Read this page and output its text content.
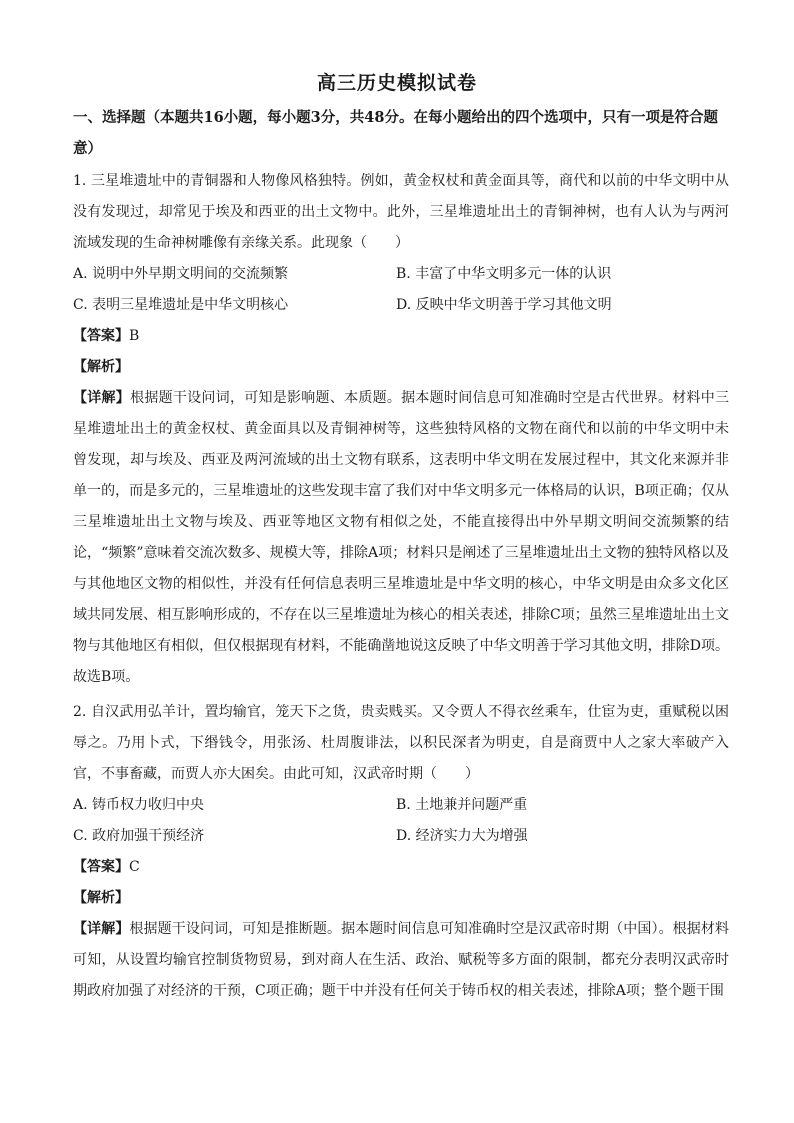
高三历史模拟试卷
一、选择题（本题共16小题，每小题3分，共48分。在每小题给出的四个选项中，只有一项是符合题意）
1. 三星堆遗址中的青铜器和人物像风格独特。例如，黄金权杖和黄金面具等，商代和以前的中华文明中从没有发现过，却常见于埃及和西亚的出土文物中。此外，三星堆遗址出土的青铜神树，也有人认为与两河流域发现的生命神树雕像有亲缘关系。此现象（　　）
A. 说明中外早期文明间的交流频繁	B. 丰富了中华文明多元一体的认识
C. 表明三星堆遗址是中华文明核心	D. 反映中华文明善于学习其他文明
【答案】B
【解析】
【详解】根据题干设问词，可知是影响题、本质题。据本题时间信息可知准确时空是古代世界。材料中三星堆遗址出土的黄金权杖、黄金面具以及青铜神树等，这些独特风格的文物在商代和以前的中华文明中未曾发现，却与埃及、西亚及两河流域的出土文物有联系，这表明中华文明在发展过程中，其文化来源并非单一的，而是多元的，三星堆遗址的这些发现丰富了我们对中华文明多元一体格局的认识，B项正确；仅从三星堆遗址出土文物与埃及、西亚等地区文物有相似之处，不能直接得出中外早期文明间交流频繁的结论，“频繁”意味着交流次数多、规模大等，排除A项；材料只是阐述了三星堆遗址出土文物的独特风格以及与其他地区文物的相似性，并没有任何信息表明三星堆遗址是中华文明的核心，中华文明是由众多文化区域共同发展、相互影响形成的，不存在以三星堆遗址为核心的相关表述，排除C项；虽然三星堆遗址出土文物与其他地区有相似，但仅根据现有材料，不能确凿地说这反映了中华文明善于学习其他文明，排除D项。故选B项。
2. 自汉武用弘羊计，置均输官，笼天下之货，贵卖贱买。又令贾人不得衣丝乘车，仕宦为吏，重赋税以困辱之。乃用卜式，下缗钱令，用张汤、杜周腹诽法，以积民深者为明吏，自是商贾中人之家大率破产入官，不事畜藏，而贾人亦大困矣。由此可知，汉武帝时期（　　）
A. 铸币权力收归中央	B. 土地兼并问题严重
C. 政府加强干预经济	D. 经济实力大为增强
【答案】C
【解析】
【详解】根据题干设问词，可知是推断题。据本题时间信息可知准确时空是汉武帝时期（中国）。根据材料可知，从设置均输官控制货物贸易，到对商人在生活、政治、赋税等多方面的限制，都充分表明汉武帝时期政府加强了对经济的干预，C项正确；题干中并没有任何关于铸币权的相关表述，排除A项；整个题干围
